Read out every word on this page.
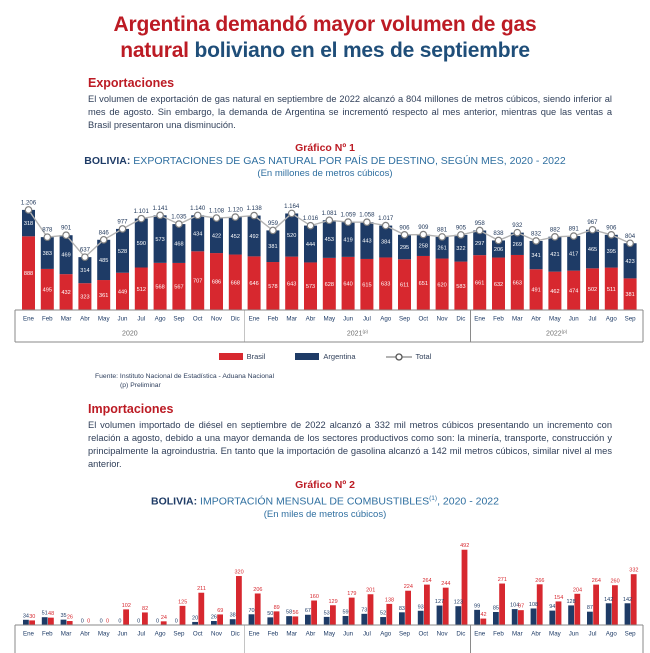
Argentina demandó mayor volumen de gas
natural boliviano en el mes de septiembre
Exportaciones
El volumen de exportación de gas natural en septiembre de 2022 alcanzó a 804 millones de metros cúbicos, siendo inferior al mes de agosto. Sin embargo, la demanda de Argentina se incrementó respecto al mes anterior, mientras que las ventas a Brasil presentaron una disminución.
Gráfico Nº 1
BOLIVIA: EXPORTACIONES DE GAS NATURAL POR PAÍS DE DESTINO, SEGÚN MES, 2020 - 2022
(En millones de metros cúbicos)
888
318
495
383
432
469
323
314
361
485
449
528
512
590
568
573
567
468
707
434
686
422
668
452
646
492
578
381
643
520
573
444
628
453
640
419
615
443
633
384
611
295
651
258
620
261
583
322
661
297
632
206
663
269
491
341
462
421
474
417
502
465
511
395
381
423
1.206
878 901
637
846
977
1.101 1.141
1.035
1.140 1.108 1.120 1.138
959
1.164
1.016
1.081 1.059 1.058 1.017
906 909 881 905
958
838
932
832
882 891
967
906
804
Ene Feb Mar Abr May Jun Jul Ago Sep Oct Nov Dic Ene Feb Mar Abr May Jun Jul Ago Sep Oct Nov Dic Ene Feb Mar Abr May Jun Jul Ago Sep
2020	2021$^{(p)}$	2022$^{(p)}$
Brasil	Argentina	Total
Fuente: Instituto Nacional de Estadística - Aduana Nacional
(p) Preliminar
Importaciones
El volumen importado de diésel en septiembre de 2022 alcanzó a 332 mil metros cúbicos presentando un incremento con relación a agosto, debido a una mayor demanda de los sectores productivos como son: la minería, transporte, construcción y principalmente la agroindustria. En tanto que la importación de gasolina alcanzó a 142 mil metros cúbicos, similar nivel al mes anterior.
Gráfico Nº 2
BOLIVIA: IMPORTACIÓN MENSUAL DE COMBUSTIBLES$^{(1)}$, 2020 - 2022
(En miles de metros cúbicos)
34 30
51 48 35 26
0 0 0 0 0
102
0
82
0
24
0
125
20
211
26
69
38
320
70
206
50
89
58 56 67
160
53
129
59
179
73
201
52
138
83
224
93
264
127
244
123
492
99
42
85
271
104
97 108
266
94
154
128
204
87
264
142
260
142
332
Ene Feb Mar Abr May Jun Jul Ago Sep Oct Nov Dic Ene Feb Mar Abr May Jun Jul Ago Sep Oct Nov Dic Ene Feb Mar Abr May Jun Jul Ago Sep
